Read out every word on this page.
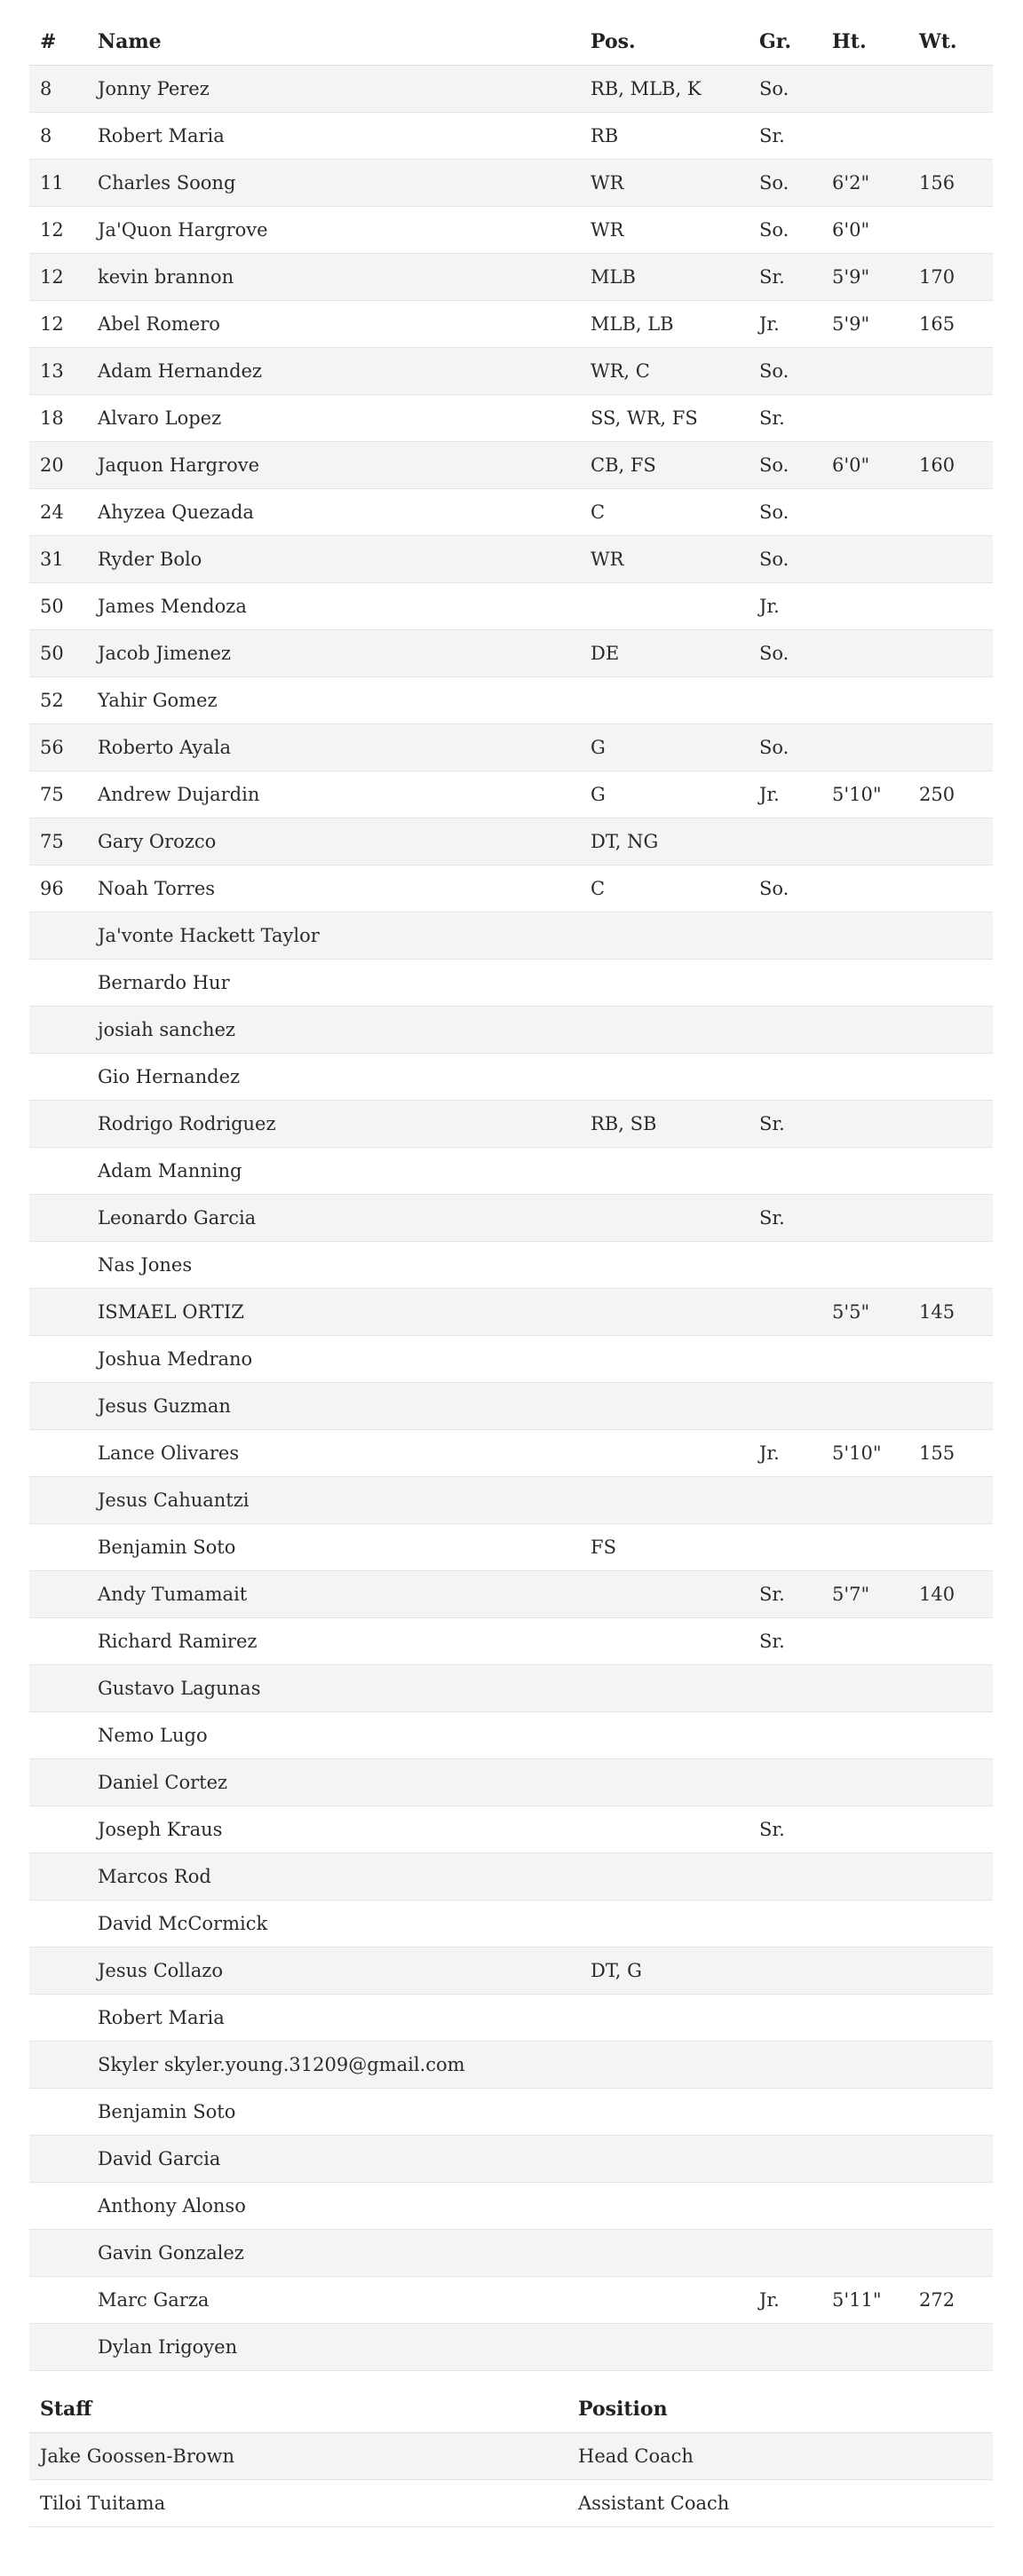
#	Name	Pos.	Gr.	Ht.	Wt.
8	Jonny Perez	RB, MLB, K	So.		
8	Robert Maria	RB	Sr.		
11	Charles Soong	WR	So.	6'2"	156
12	Ja'Quon Hargrove	WR	So.	6'0"	
12	kevin brannon	MLB	Sr.	5'9"	170
12	Abel Romero	MLB, LB	Jr.	5'9"	165
13	Adam Hernandez	WR, C	So.		
18	Alvaro Lopez	SS, WR, FS	Sr.		
20	Jaquon Hargrove	CB, FS	So.	6'0"	160
24	Ahyzea Quezada	C	So.		
31	Ryder Bolo	WR	So.		
50	James Mendoza		Jr.		
50	Jacob Jimenez	DE	So.		
52	Yahir Gomez				
56	Roberto Ayala	G	So.		
75	Andrew Dujardin	G	Jr.	5'10"	250
75	Gary Orozco	DT, NG			
96	Noah Torres	C	So.		
	Ja'vonte Hackett Taylor				
	Bernardo Hur				
	josiah sanchez				
	Gio Hernandez				
	Rodrigo Rodriguez	RB, SB	Sr.		
	Adam Manning				
	Leonardo Garcia		Sr.		
	Nas Jones				
	ISMAEL ORTIZ			5'5"	145
	Joshua Medrano				
	Jesus Guzman				
	Lance Olivares		Jr.	5'10"	155
	Jesus Cahuantzi				
	Benjamin Soto	FS			
	Andy Tumamait		Sr.	5'7"	140
	Richard Ramirez		Sr.		
	Gustavo Lagunas				
	Nemo Lugo				
	Daniel Cortez				
	Joseph Kraus		Sr.		
	Marcos Rod				
	David McCormick				
	Jesus Collazo	DT, G			
	Robert Maria				
	Skyler skyler.young.31209@gmail.com				
	Benjamin Soto				
	David Garcia				
	Anthony Alonso				
	Gavin Gonzalez				
	Marc Garza		Jr.	5'11"	272
	Dylan Irigoyen				
Staff	Position
Jake Goossen-Brown	Head Coach
Tiloi Tuitama	Assistant Coach
